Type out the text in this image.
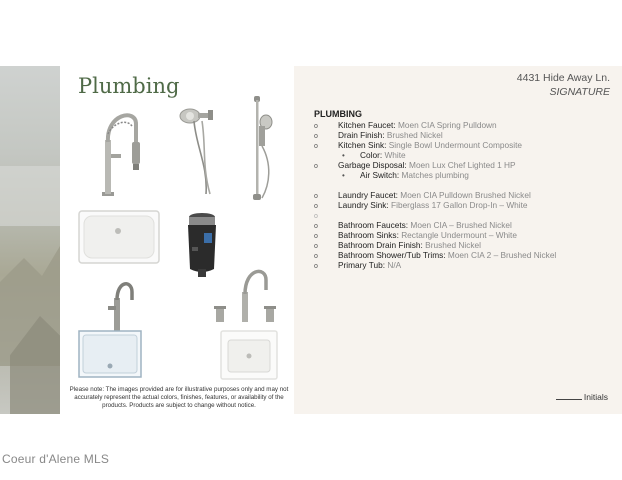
Plumbing
Please note: The images provided are for illustrative purposes only and may not accurately represent the actual colors, finishes, features, or availability of the products. Products are subject to change without notice.
4431 Hide Away Ln.
SIGNATURE
PLUMBING
o Kitchen Faucet: Moen CIA Spring Pulldown
o Drain Finish: Brushed Nickel
o Kitchen Sink: Single Bowl Undermount Composite
•Color: White
o Garbage Disposal: Moen Lux Chef Lighted 1 HP
•Air Switch: Matches plumbing
o Laundry Faucet: Moen CIA Pulldown Brushed Nickel
o Laundry Sink: Fiberglass 17 Gallon Drop-In – White
o
o Bathroom Faucets: Moen CIA – Brushed Nickel
o Bathroom Sinks: Rectangle Undermount – White
o Bathroom Drain Finish: Brushed Nickel
o Bathroom Shower/Tub Trims: Moen CIA 2 – Brushed Nickel
o Primary Tub: N/A
Initials
Coeur d'Alene MLS
